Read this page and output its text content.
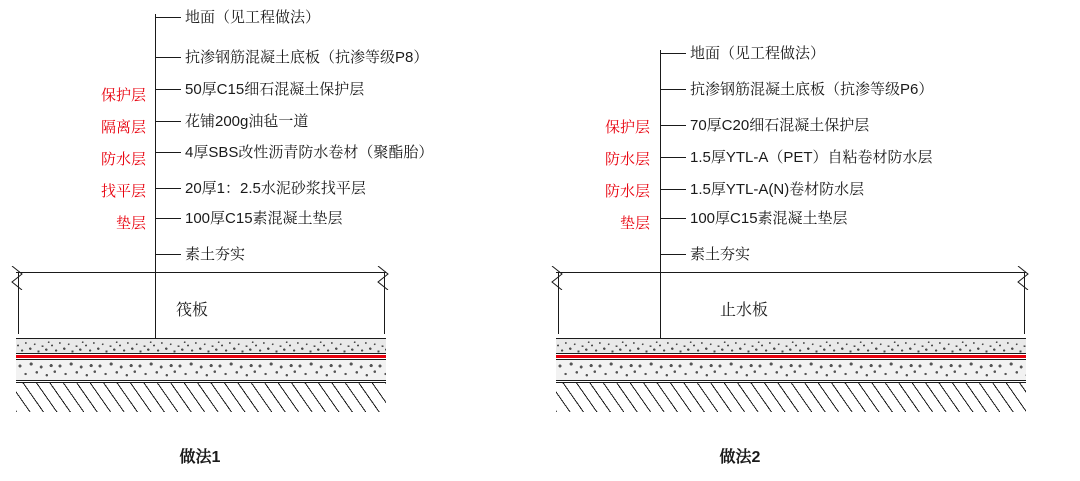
地面（见工程做法）
抗渗钢筋混凝土底板（抗渗等级P8）
50厚C15细石混凝土保护层
花铺200g油毡一道
4厚SBS改性沥青防水卷材（聚酯胎）
20厚1：2.5水泥砂浆找平层
100厚C15素混凝土垫层
素土夯实
保护层
隔离层
防水层
找平层
垫层
筏板
做法1
地面（见工程做法）
抗渗钢筋混凝土底板（抗渗等级P6）
70厚C20细石混凝土保护层
1.5厚YTL-A（PET）自粘卷材防水层
1.5厚YTL-A(N)卷材防水层
100厚C15素混凝土垫层
素土夯实
保护层
防水层
防水层
垫层
止水板
做法2
